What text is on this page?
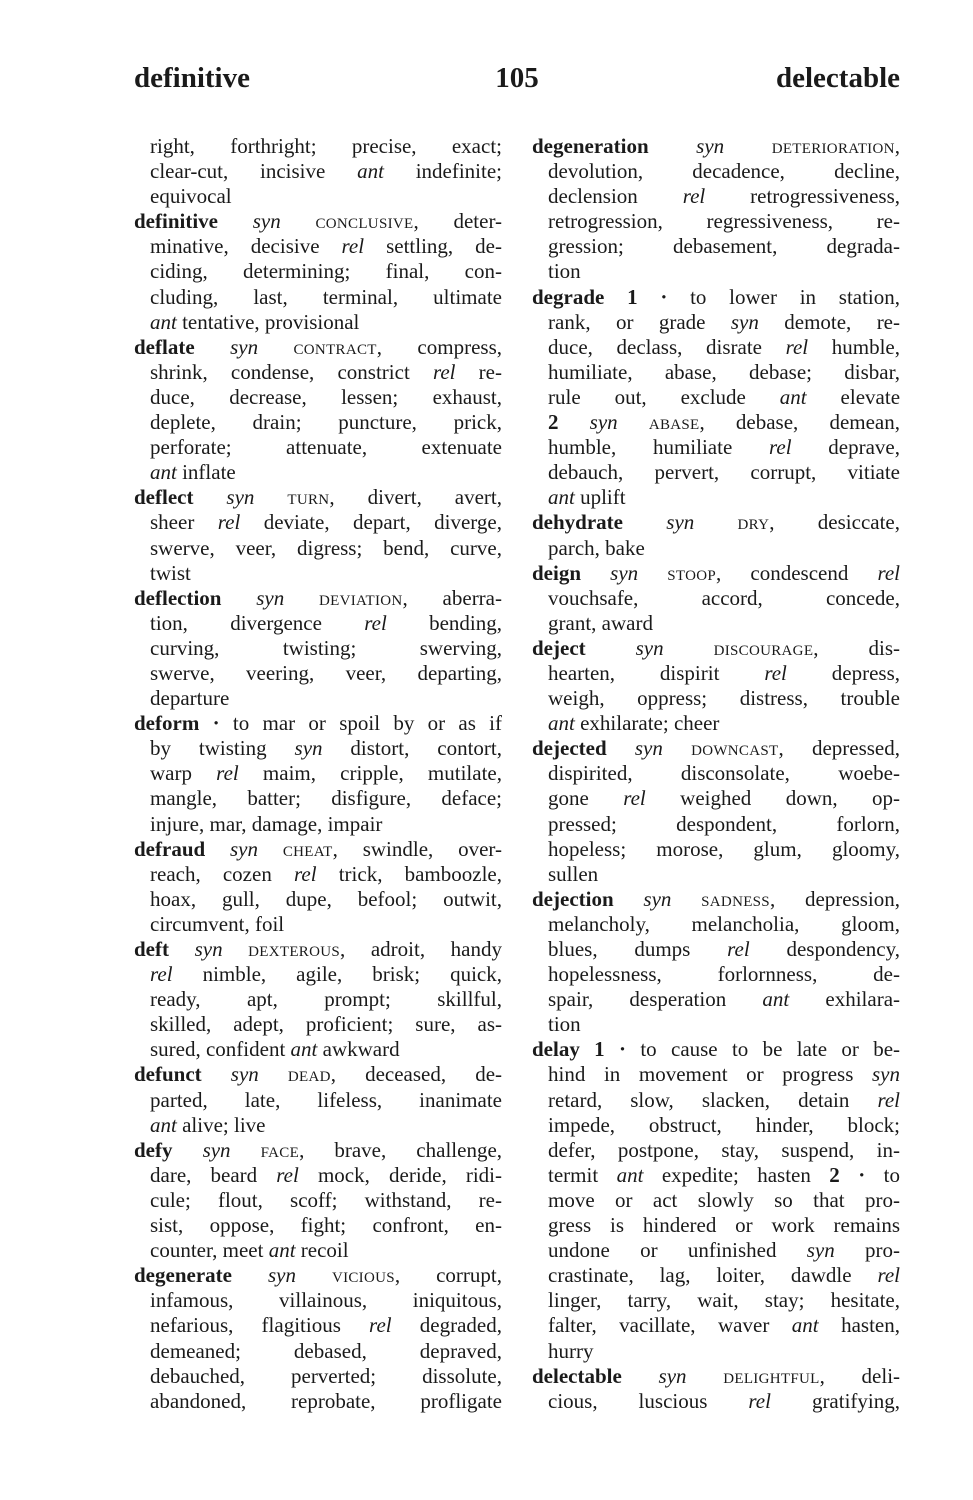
definitive	105	delectable
right, forthright; precise, exact;
clear-cut, incisive ant indefinite;
equivocal
definitive syn conclusive, deter-
minative, decisive rel settling, de-
ciding, determining; final, con-
cluding, last, terminal, ultimate
ant tentative, provisional
deflate syn contract, compress,
shrink, condense, constrict rel re-
duce, decrease, lessen; exhaust,
deplete, drain; puncture, prick,
perforate; attenuate, extenuate
ant inflate
deflect syn turn, divert, avert,
sheer rel deviate, depart, diverge,
swerve, veer, digress; bend, curve,
twist
deflection syn deviation, aberra-
tion, divergence rel bending,
curving, twisting; swerving,
swerve, veering, veer, departing,
departure
deform · to mar or spoil by or as if
by twisting syn distort, contort,
warp rel maim, cripple, mutilate,
mangle, batter; disfigure, deface;
injure, mar, damage, impair
defraud syn cheat, swindle, over-
reach, cozen rel trick, bamboozle,
hoax, gull, dupe, befool; outwit,
circumvent, foil
deft syn dexterous, adroit, handy
rel nimble, agile, brisk; quick,
ready, apt, prompt; skillful,
skilled, adept, proficient; sure, as-
sured, confident ant awkward
defunct syn dead, deceased, de-
parted, late, lifeless, inanimate
ant alive; live
defy syn face, brave, challenge,
dare, beard rel mock, deride, ridi-
cule; flout, scoff; withstand, re-
sist, oppose, fight; confront, en-
counter, meet ant recoil
degenerate syn vicious, corrupt,
infamous, villainous, iniquitous,
nefarious, flagitious rel degraded,
demeaned; debased, depraved,
debauched, perverted; dissolute,
abandoned, reprobate, profligate
degeneration syn deterioration,
devolution, decadence, decline,
declension rel retrogressiveness,
retrogression, regressiveness, re-
gression; debasement, degrada-
tion
degrade 1 · to lower in station,
rank, or grade syn demote, re-
duce, declass, disrate rel humble,
humiliate, abase, debase; disbar,
rule out, exclude ant elevate
2 syn abase, debase, demean,
humble, humiliate rel deprave,
debauch, pervert, corrupt, vitiate
ant uplift
dehydrate syn dry, desiccate,
parch, bake
deign syn stoop, condescend rel
vouchsafe, accord, concede,
grant, award
deject syn discourage, dis-
hearten, dispirit rel depress,
weigh, oppress; distress, trouble
ant exhilarate; cheer
dejected syn downcast, depressed,
dispirited, disconsolate, woebe-
gone rel weighed down, op-
pressed; despondent, forlorn,
hopeless; morose, glum, gloomy,
sullen
dejection syn sadness, depression,
melancholy, melancholia, gloom,
blues, dumps rel despondency,
hopelessness, forlornness, de-
spair, desperation ant exhilara-
tion
delay 1 · to cause to be late or be-
hind in movement or progress syn
retard, slow, slacken, detain rel
impede, obstruct, hinder, block;
defer, postpone, stay, suspend, in-
termit ant expedite; hasten 2 · to
move or act slowly so that pro-
gress is hindered or work remains
undone or unfinished syn pro-
crastinate, lag, loiter, dawdle rel
linger, tarry, wait, stay; hesitate,
falter, vacillate, waver ant hasten,
hurry
delectable syn delightful, deli-
cious, luscious rel gratifying,
